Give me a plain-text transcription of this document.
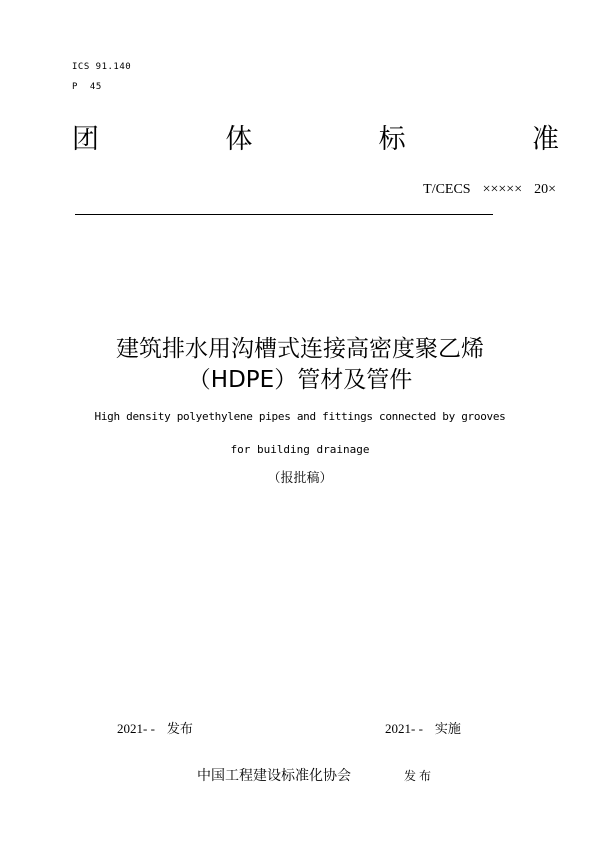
ICS 91.140
P 45
团	体	标	准
T/CECS ××××× 20×
建筑排水用沟槽式连接高密度聚乙烯
（HDPE）管材及管件
High density polyethylene pipes and fittings connected by grooves
for building drainage
（报批稿）
2021- - 发布	2021- - 实施
中国工程建设标准化协会	发布
